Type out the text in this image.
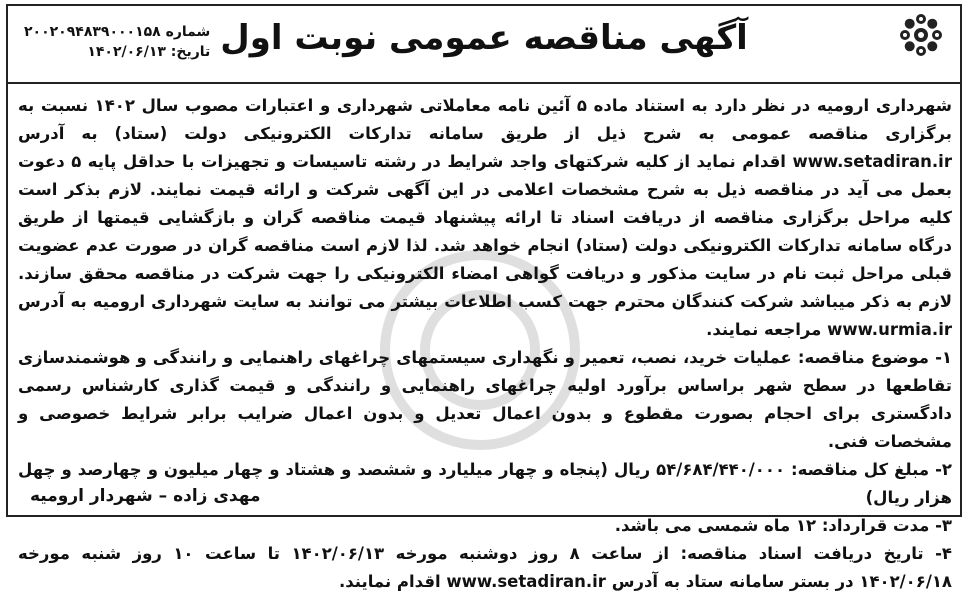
آگهی مناقصه عمومی نوبت اول
شماره ۲۰۰۲۰۹۴۸۳۹۰۰۰۱۵۸
تاریخ: ۱۴۰۲/۰۶/۱۳

شهرداری ارومیه در نظر دارد به استناد ماده ۵ آئین نامه معاملاتی شهرداری و اعتبارات مصوب سال ۱۴۰۲ نسبت به برگزاری مناقصه عمومی به شرح ذیل از طریق سامانه تدارکات الکترونیکی دولت (ستاد) به آدرس www.setadiran.ir اقدام نماید از کلیه شرکتهای واجد شرایط در رشته تاسیسات و تجهیزات با حداقل پایه ۵ دعوت بعمل می آید در مناقصه ذیل به شرح مشخصات اعلامی در این آگهی شرکت و ارائه قیمت نمایند. لازم بذکر است کلیه مراحل برگزاری مناقصه از دریافت اسناد تا ارائه پیشنهاد قیمت مناقصه گران و بازگشایی قیمتها از طریق درگاه سامانه تدارکات الکترونیکی دولت (ستاد) انجام خواهد شد. لذا لازم است مناقصه گران در صورت عدم عضویت قبلی مراحل ثبت نام در سایت مذکور و دریافت گواهی امضاء الکترونیکی را جهت شرکت در مناقصه محقق سازند. لازم به ذکر میباشد شرکت کنندگان محترم جهت کسب اطلاعات بیشتر می توانند به سایت شهرداری ارومیه به آدرس www.urmia.ir مراجعه نمایند.

۱- موضوع مناقصه: عملیات خرید، نصب، تعمیر و نگهداری سیستمهای چراغهای راهنمایی و رانندگی و هوشمندسازی تقاطعها در سطح شهر براساس برآورد اولیه چراغهای راهنمایی و رانندگی و قیمت گذاری کارشناس رسمی دادگستری برای احجام بصورت مقطوع و بدون اعمال تعدیل و بدون اعمال ضرایب برابر شرایط خصوصی و مشخصات فنی.

۲- مبلغ کل مناقصه: ۵۴/۶۸۴/۴۴۰/۰۰۰ ریال (پنجاه و چهار میلیارد و ششصد و هشتاد و چهار میلیون و چهارصد و چهل هزار ریال)

۳- مدت قرارداد: ۱۲ ماه شمسی می باشد.

۴- تاریخ دریافت اسناد مناقصه: از ساعت ۸ روز دوشنبه مورخه ۱۴۰۲/۰۶/۱۳ تا ساعت ۱۰ روز شنبه مورخه ۱۴۰۲/۰۶/۱۸ در بستر سامانه ستاد به آدرس www.setadiran.ir اقدام نمایند.

مهدی زاده – شهردار ارومیه
